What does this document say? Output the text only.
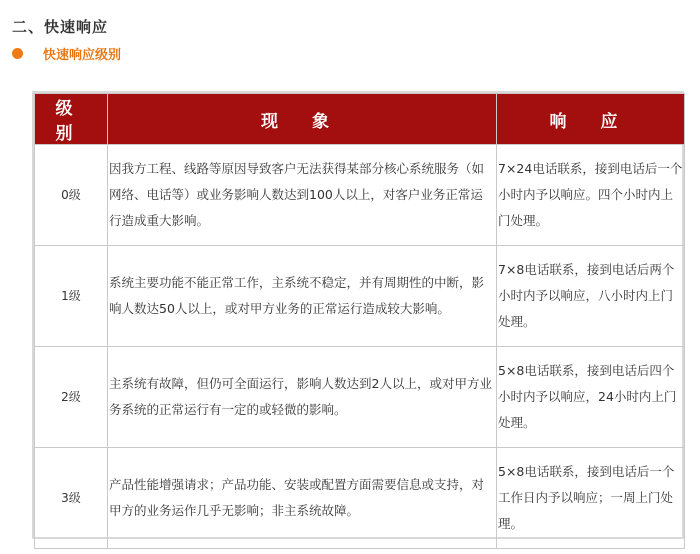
二、快速响应
快速响应级别
级 别	现 象	响 应
0级	因我方工程、线路等原因导致客户无法获得某部分核心系统服务（如网络、电话等）或业务影响人数达到100人以上，对客户业务正常运行造成重大影响。	7×24电话联系，接到电话后一个小时内予以响应。四个小时内上门处理。
1级	系统主要功能不能正常工作，主系统不稳定，并有周期性的中断，影响人数达50人以上，或对甲方业务的正常运行造成较大影响。	7×8电话联系，接到电话后两个小时内予以响应，八小时内上门处理。
2级	主系统有故障，但仍可全面运行，影响人数达到2人以上，或对甲方业务系统的正常运行有一定的或轻微的影响。	5×8电话联系，接到电话后四个小时内予以响应，24小时内上门处理。
3级	产品性能增强请求；产品功能、安装或配置方面需要信息或支持，对甲方的业务运作几乎无影响；非主系统故障。	5×8电话联系，接到电话后一个工作日内予以响应；一周上门处理。
